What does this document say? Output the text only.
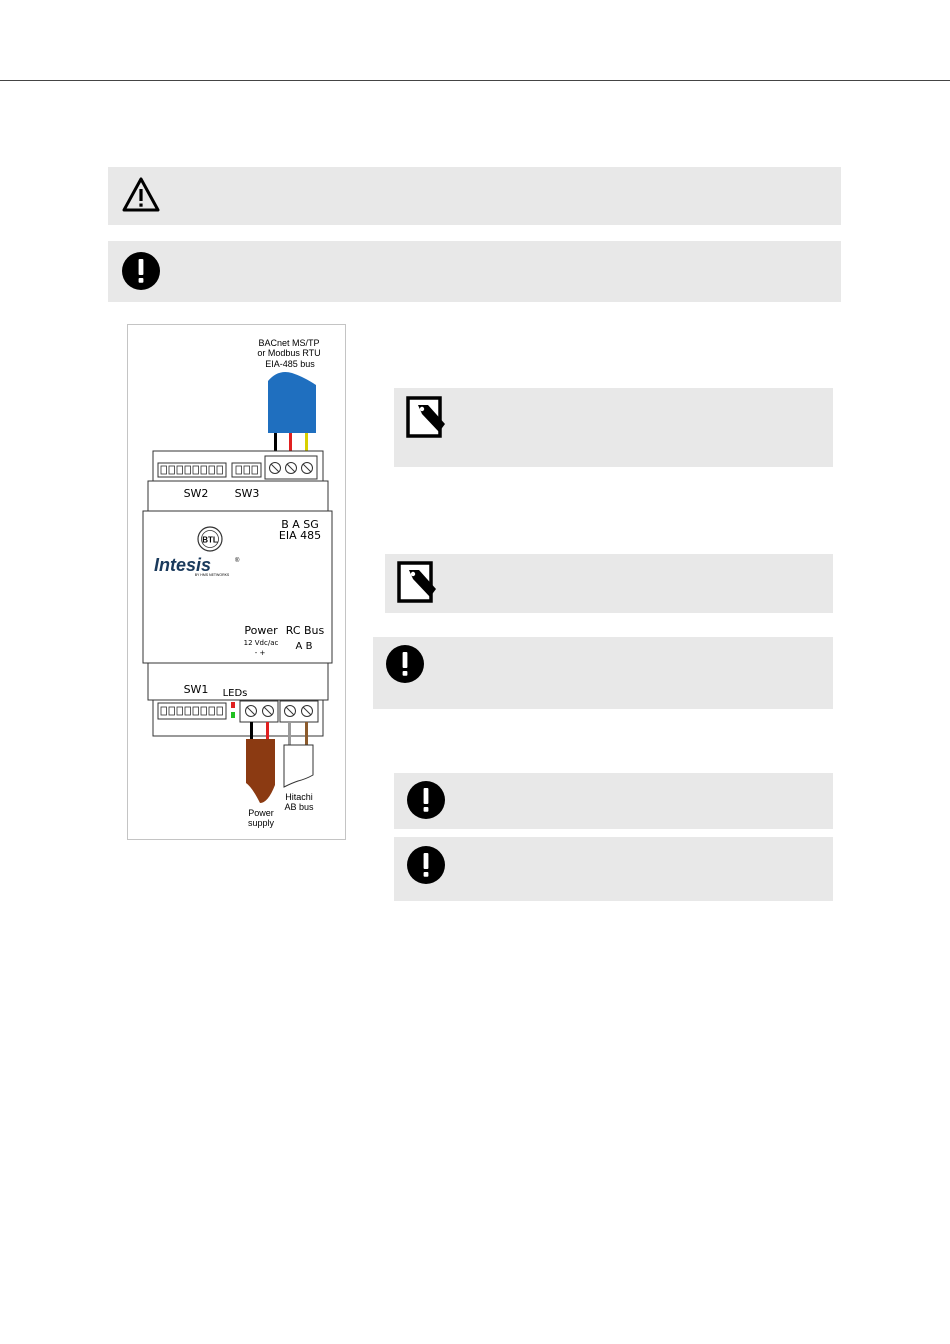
BACnet MS/TP
or Modbus RTU
EIA-485 bus
SW2 SW3
B A SG
EIA 485
BTL
Intesis	®
BY HMS NETWORKS
Power RC Bus
12 Vdc/ac
- +
A B
SW1 LEDs
Power
supply
Hitachi
AB bus
